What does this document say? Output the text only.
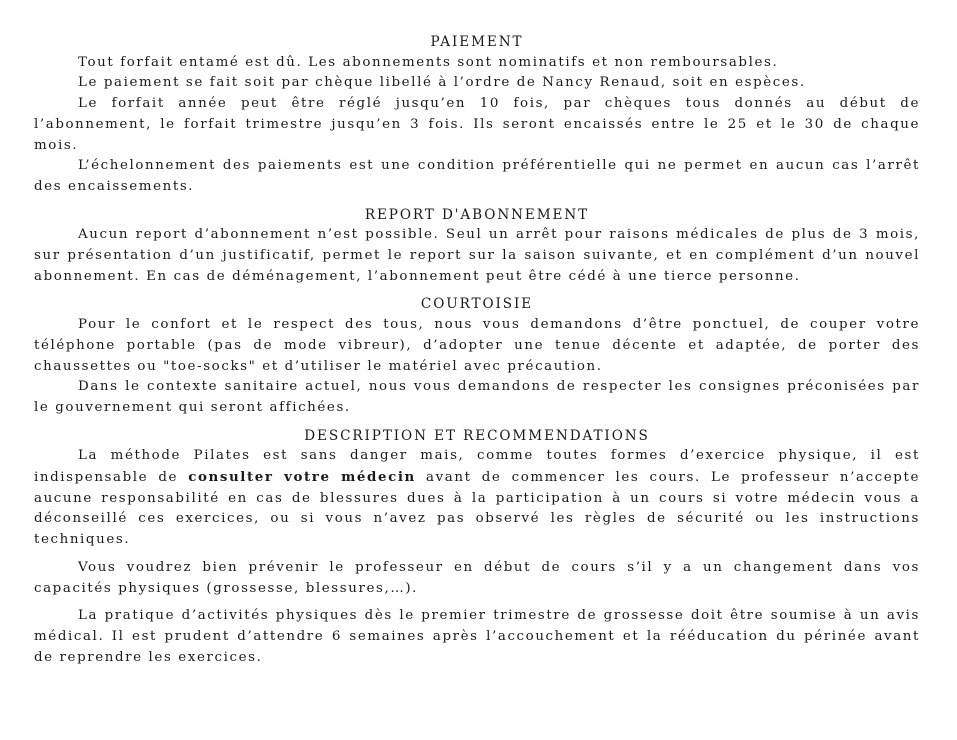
PAIEMENT

Tout forfait entamé est dû. Les abonnements sont nominatifs et non remboursables.

Le paiement se fait soit par chèque libellé à l’ordre de Nancy Renaud, soit en espèces.

Le forfait année peut être réglé jusqu’en 10 fois, par chèques tous donnés au début de l’abonnement, le forfait trimestre jusqu’en 3 fois. Ils seront encaissés entre le 25 et le 30 de chaque mois.

L’échelonnement des paiements est une condition préférentielle qui ne permet en aucun cas l’arrêt des encaissements.

REPORT D'ABONNEMENT

Aucun report d’abonnement n’est possible. Seul un arrêt pour raisons médicales de plus de 3 mois, sur présentation d’un justificatif, permet le report sur la saison suivante, et en complément d’un nouvel abonnement. En cas de déménagement, l’abonnement peut être cédé à une tierce personne.

COURTOISIE

Pour le confort et le respect des tous, nous vous demandons d’être ponctuel, de couper votre téléphone portable (pas de mode vibreur), d’adopter une tenue décente et adaptée, de porter des chaussettes ou "toe-socks" et d’utiliser le matériel avec précaution.

Dans le contexte sanitaire actuel, nous vous demandons de respecter les consignes préconisées par le gouvernement qui seront affichées.

DESCRIPTION ET RECOMMENDATIONS

La méthode Pilates est sans danger mais, comme toutes formes d’exercice physique, il est indispensable de consulter votre médecin avant de commencer les cours. Le professeur n’accepte aucune responsabilité en cas de blessures dues à la participation à un cours si votre médecin vous a déconseillé ces exercices, ou si vous n’avez pas observé les règles de sécurité ou les instructions techniques.

Vous voudrez bien prévenir le professeur en début de cours s’il y a un changement dans vos capacités physiques (grossesse, blessures,…).

La pratique d’activités physiques dès le premier trimestre de grossesse doit être soumise à un avis médical. Il est prudent d’attendre 6 semaines après l’accouchement et la rééducation du périnée avant de reprendre les exercices.
